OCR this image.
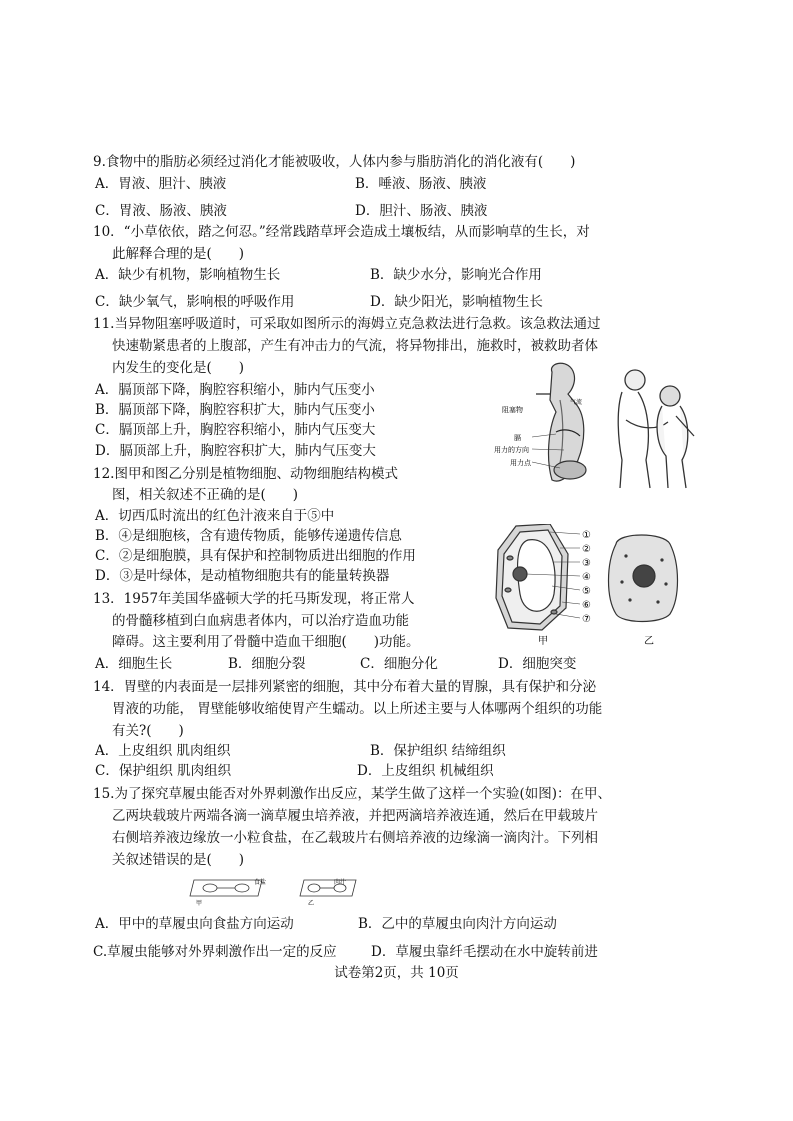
9.食物中的脂肪必须经过消化才能被吸收，人体内参与脂肪消化的消化液有(　　)
A．胃液、胆汁、胰液	B．唾液、肠液、胰液
C．胃液、肠液、胰液	D．胆汁、肠液、胰液
10．“小草依依，踏之何忍。”经常践踏草坪会造成土壤板结，从而影响草的生长，对
此解释合理的是(　　)
A．缺少有机物，影响植物生长	B．缺少水分，影响光合作用
C．缺少氧气，影响根的呼吸作用	D．缺少阳光，影响植物生长
11.当异物阻塞呼吸道时，可采取如图所示的海姆立克急救法进行急救。该急救法通过
快速勒紧患者的上腹部，产生有冲击力的气流，将异物排出，施救时，被救助者体
内发生的变化是(　　)
A．膈顶部下降，胸腔容积缩小，肺内气压变小
B．膈顶部下降，胸腔容积扩大，肺内气压变小
C．膈顶部上升，胸腔容积缩小，肺内气压变大
D．膈顶部上升，胸腔容积扩大，肺内气压变大
阻塞物
气流
膈
用力的方向
用力点
12.图甲和图乙分别是植物细胞、动物细胞结构模式
图，相关叙述不正确的是(　　)
A．切西瓜时流出的红色汁液来自于⑤中
B．④是细胞核，含有遗传物质，能够传递遗传信息
C．②是细胞膜，具有保护和控制物质进出细胞的作用
D．③是叶绿体，是动植物细胞共有的能量转换器
①
②
③
④
⑤
⑥
⑦
甲	乙
13．1957年美国华盛顿大学的托马斯发现，将正常人
的骨髓移植到白血病患者体内，可以治疗造血功能
障碍。这主要利用了骨髓中造血干细胞(　　)功能。
A．细胞生长	B．细胞分裂	C．细胞分化	D．细胞突变
14．胃壁的内表面是一层排列紧密的细胞，其中分布着大量的胃腺，具有保护和分泌
胃液的功能， 胃壁能够收缩使胃产生蠕动。以上所述主要与人体哪两个组织的功能
有关?(　　)
A．上皮组织 肌肉组织	B．保护组织 结缔组织
C．保护组织 肌肉组织	D．上皮组织 机械组织
15.为了探究草履虫能否对外界刺激作出反应，某学生做了这样一个实验(如图)：在甲、
乙两块载玻片两端各滴一滴草履虫培养液，并把两滴培养液连通，然后在甲载玻片
右侧培养液边缘放一小粒食盐，在乙载玻片右侧培养液的边缘滴一滴肉汁。下列相
关叙述错误的是(　　)
食盐	肉汁
甲	乙
A．甲中的草履虫向食盐方向运动	B．乙中的草履虫向肉汁方向运动
C.草履虫能够对外界刺激作出一定的反应	D．草履虫靠纤毛摆动在水中旋转前进
试卷第2页，共 10页
